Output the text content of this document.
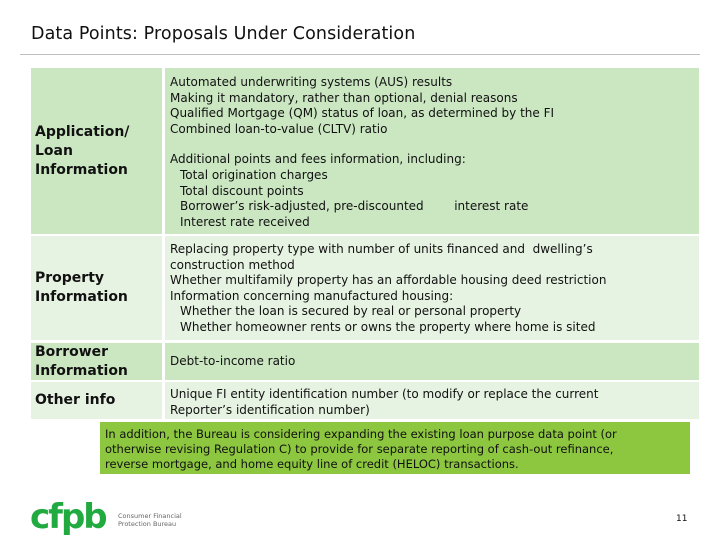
Data Points: Proposals Under Consideration
Application/ Loan Information
Automated underwriting systems (AUS) results
Making it mandatory, rather than optional, denial reasons
Qualified Mortgage (QM) status of loan, as determined by the FI
Combined loan-to-value (CLTV) ratio
Additional points and fees information, including:
Total origination charges
Total discount points
Borrower’s risk-adjusted, pre-discounted        interest rate
Interest rate received
Property Information
Replacing property type with number of units financed and  dwelling’s
construction method
Whether multifamily property has an affordable housing deed restriction
Information concerning manufactured housing:
Whether the loan is secured by real or personal property
Whether homeowner rents or owns the property where home is sited
Borrower Information
Debt-to-income ratio
Other info	Unique FI entity identification number (to modify or replace the current
Reporter’s identification number)
In addition, the Bureau is considering expanding the existing loan purpose data point (or
otherwise revising Regulation C) to provide for separate reporting of cash-out refinance,
reverse mortgage, and home equity line of credit (HELOC) transactions.
cfpb Consumer Financial
Protection Bureau	11
